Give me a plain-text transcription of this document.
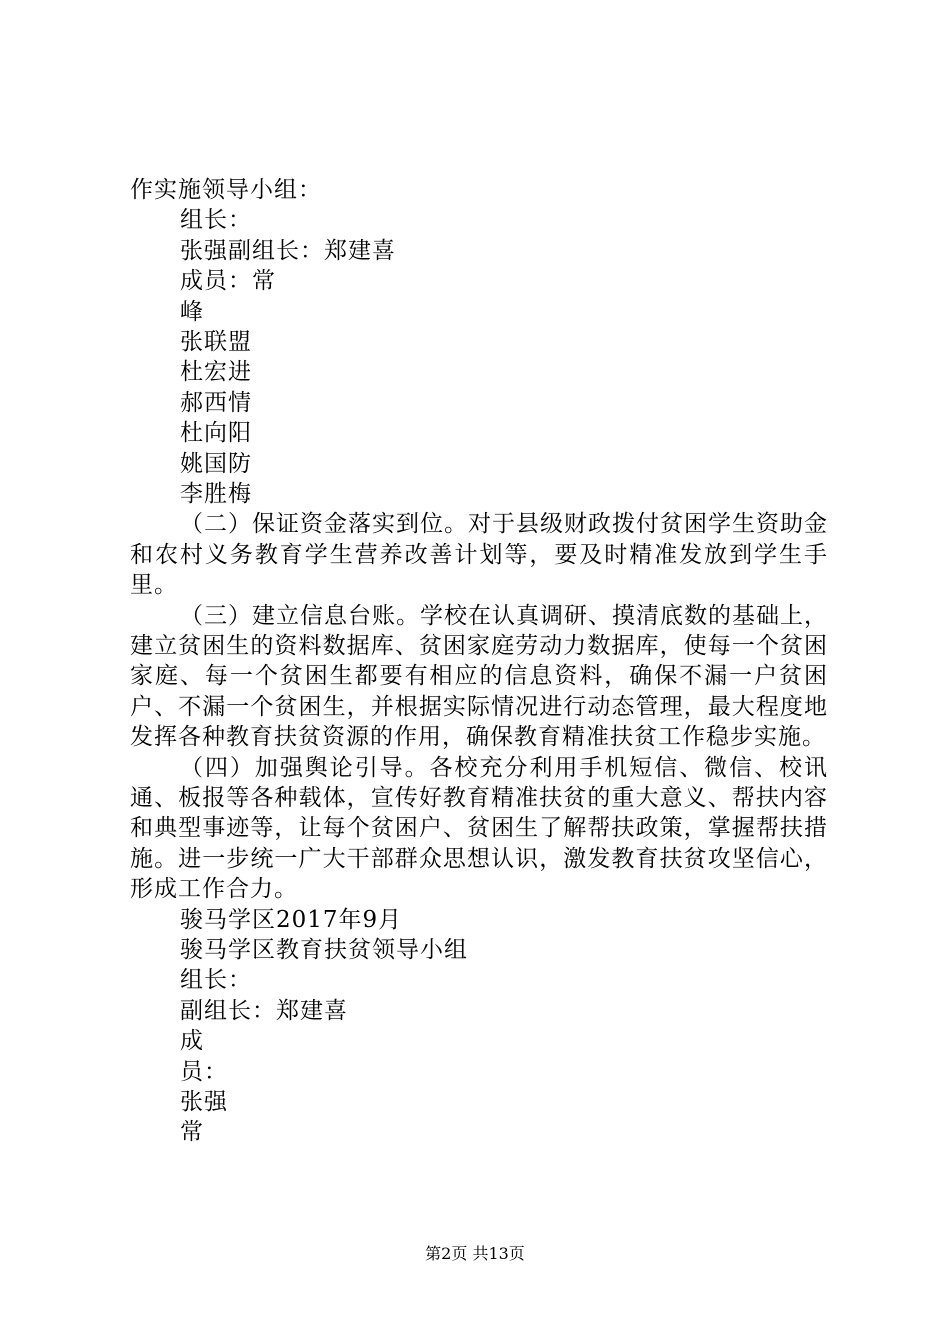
作实施领导小组：
组长：
张强副组长：郑建喜
成员：常
峰
张联盟
杜宏进
郝西情
杜向阳
姚国防
李胜梅
（二）保证资金落实到位。对于县级财政拨付贫困学生资助金和农村义务教育学生营养改善计划等，要及时精准发放到学生手里。
（三）建立信息台账。学校在认真调研、摸清底数的基础上，建立贫困生的资料数据库、贫困家庭劳动力数据库，使每一个贫困家庭、每一个贫困生都要有相应的信息资料，确保不漏一户贫困户、不漏一个贫困生，并根据实际情况进行动态管理，最大程度地发挥各种教育扶贫资源的作用，确保教育精准扶贫工作稳步实施。
（四）加强舆论引导。各校充分利用手机短信、微信、校讯通、板报等各种载体，宣传好教育精准扶贫的重大意义、帮扶内容和典型事迹等，让每个贫困户、贫困生了解帮扶政策，掌握帮扶措施。进一步统一广大干部群众思想认识，激发教育扶贫攻坚信心，形成工作合力。
骏马学区2017年9月
骏马学区教育扶贫领导小组
组长：
副组长：郑建喜
成
员：
张强
常
第2页 共13页
